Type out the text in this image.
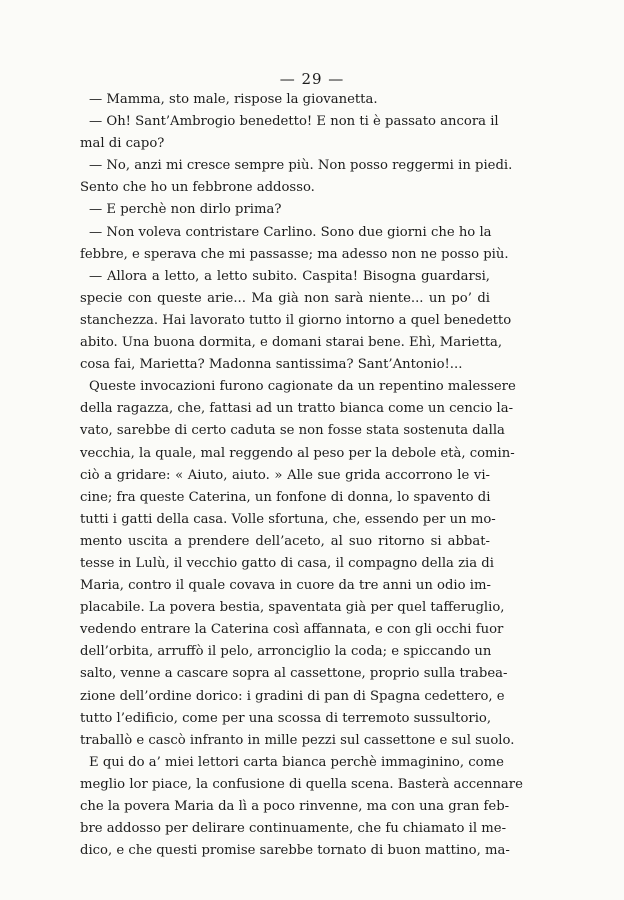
— 29 —
— Mamma, sto male, rispose la giovanetta.
— Oh! Sant’Ambrogio benedetto! E non ti è passato ancora il
mal di capo?
— No, anzi mi cresce sempre più. Non posso reggermi in piedi.
Sento che ho un febbrone addosso.
— E perchè non dirlo prima?
— Non voleva contristare Carlino. Sono due giorni che ho la
febbre, e sperava che mi passasse; ma adesso non ne posso più.
— Allora a letto, a letto subito. Caspita! Bisogna guardarsi,
specie con queste arie... Ma già non sarà niente... un po’ di
stanchezza. Hai lavorato tutto il giorno intorno a quel benedetto
abito. Una buona dormita, e domani starai bene. Ehì, Marietta,
cosa fai, Marietta? Madonna santissima? Sant’Antonio!...
Queste invocazioni furono cagionate da un repentino malessere
della ragazza, che, fattasi ad un tratto bianca come un cencio la-
vato, sarebbe di certo caduta se non fosse stata sostenuta dalla
vecchia, la quale, mal reggendo al peso per la debole età, comin-
ciò a gridare: « Aiuto, aiuto. » Alle sue grida accorrono le vi-
cine; fra queste Caterina, un fonfone di donna, lo spavento di
tutti i gatti della casa. Volle sfortuna, che, essendo per un mo-
mento uscita a prendere dell’aceto, al suo ritorno si abbat-
tesse in Lulù, il vecchio gatto di casa, il compagno della zia di
Maria, contro il quale covava in cuore da tre anni un odio im-
placabile. La povera bestia, spaventata già per quel tafferuglio,
vedendo entrare la Caterina così affannata, e con gli occhi fuor
dell’orbita, arruffò il pelo, arronciglio la coda; e spiccando un
salto, venne a cascare sopra al cassettone, proprio sulla trabea-
zione dell’ordine dorico: i gradini di pan di Spagna cedettero, e
tutto l’edificio, come per una scossa di terremoto sussultorio,
traballò e cascò infranto in mille pezzi sul cassettone e sul suolo.
E qui do a’ miei lettori carta bianca perchè immaginino, come
meglio lor piace, la confusione di quella scena. Basterà accennare
che la povera Maria da lì a poco rinvenne, ma con una gran feb-
bre addosso per delirare continuamente, che fu chiamato il me-
dico, e che questi promise sarebbe tornato di buon mattino, ma-
